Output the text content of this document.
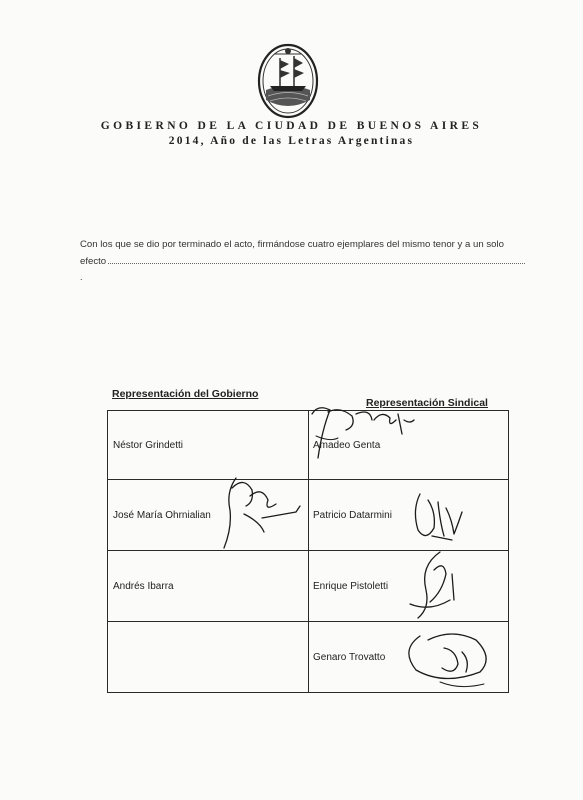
GOBIERNO DE LA CIUDAD DE BUENOS AIRES
2014, Año de las Letras Argentinas
Con los que se dio por terminado el acto, firmándose cuatro ejemplares del mismo tenor y a un solo
efecto
.
Representación del Gobierno
Representación Sindical
Néstor Grindetti	Amadeo Genta
José María Ohrnialian	Patricio Datarmini
Andrés Ibarra	Enrique Pistoletti
	Genaro Trovatto
